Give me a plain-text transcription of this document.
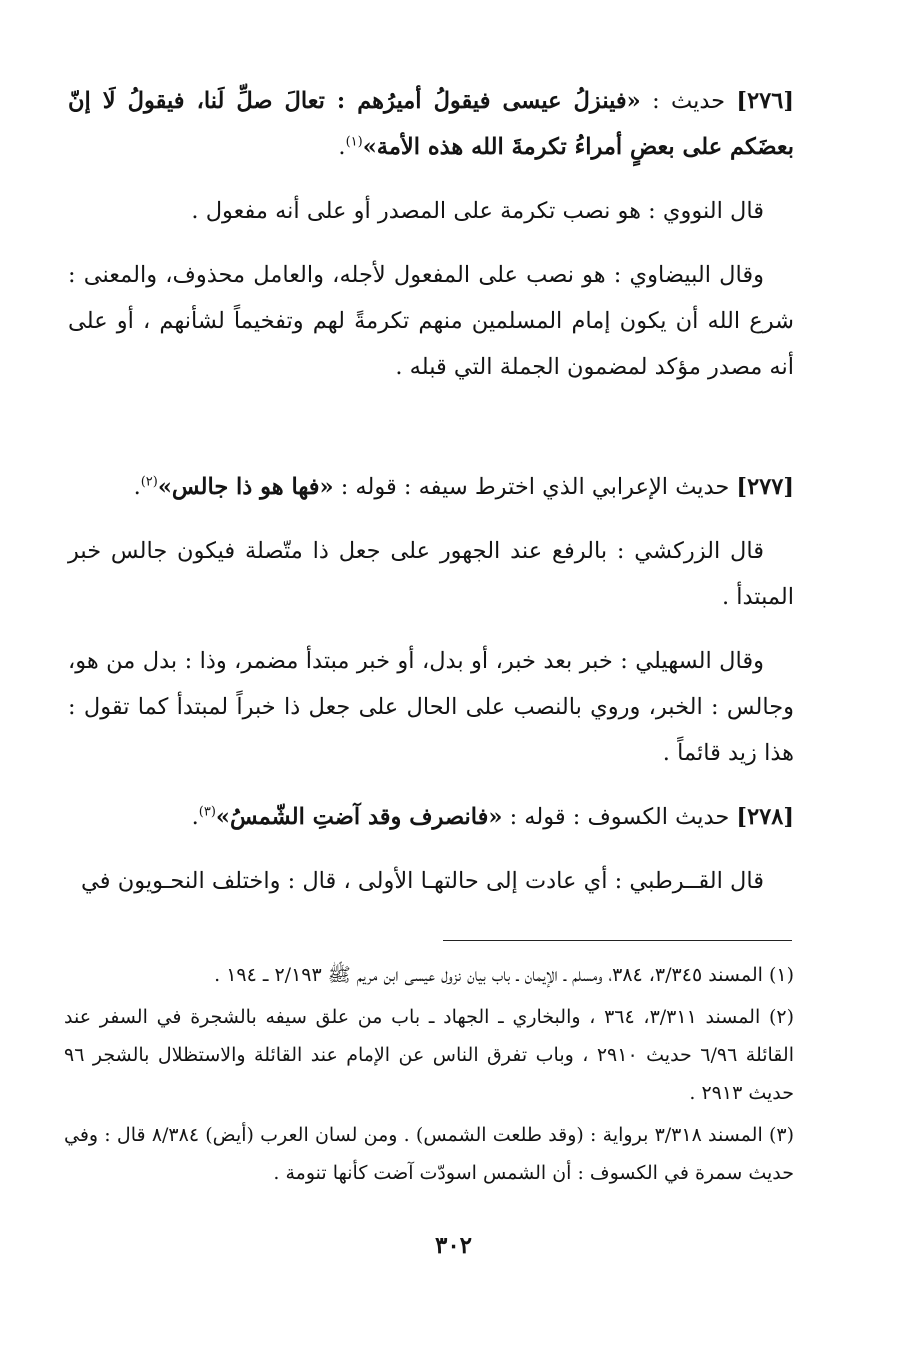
[٢٧٦] حديث : «فينزلُ عيسى فيقولُ أميرُهم : تعالَ صلِّ لَنا، فيقولُ لَا إنّ بعضَكم على بعضٍ أمراءُ تكرمةَ الله هذه الأمة»$^{(١)}$.

قال النووي : هو نصب تكرمة على المصدر أو على أنه مفعول .

وقال البيضاوي : هو نصب على المفعول لأجله، والعامل محذوف، والمعنى : شرع الله أن يكون إمام المسلمين منهم تكرمةً لهم وتفخيماً لشأنهم ، أو على أنه مصدر مؤكد لمضمون الجملة التي قبله .

[٢٧٧] حديث الإعرابي الذي اخترط سيفه : قوله : «فها هو ذا جالس»$^{(٢)}$.

قال الزركشي : بالرفع عند الجهور على جعل ذا متّصلة فيكون جالس خبر المبتدأ .

وقال السهيلي : خبر بعد خبر، أو بدل، أو خبر مبتدأ مضمر، وذا : بدل من هو، وجالس : الخبر، وروي بالنصب على الحال على جعل ذا خبراً لمبتدأ كما تقول : هذا زيد قائماً .

[٢٧٨] حديث الكسوف : قوله : «فانصرف وقد آضتِ الشّمسُ»$^{(٣)}$.

قال القــرطبي : أي عادت إلى حالتهـا الأولى ، قال : واختلف النحـويون في

(١) المسند ٣/٣٤٥، ٣٨٤، ومسلم ـ الإيمان ـ باب بيان نزول عيسى ابن مريم ﷺ ٢/١٩٣ ـ ١٩٤ .

(٢) المسند ٣/٣١١، ٣٦٤ ، والبخاري ـ الجهاد ـ باب من علق سيفه بالشجرة في السفر عند القائلة ٦/٩٦ حديث ٢٩١٠ ، وباب تفرق الناس عن الإمام عند القائلة والاستظلال بالشجر ٩٦ حديث ٢٩١٣ .

(٣) المسند ٣/٣١٨ برواية : (وقد طلعت الشمس) . ومن لسان العرب (أيض) ٨/٣٨٤ قال : وفي حديث سمرة في الكسوف : أن الشمس اسودّت آضت كأنها تنومة .

٣٠٢
